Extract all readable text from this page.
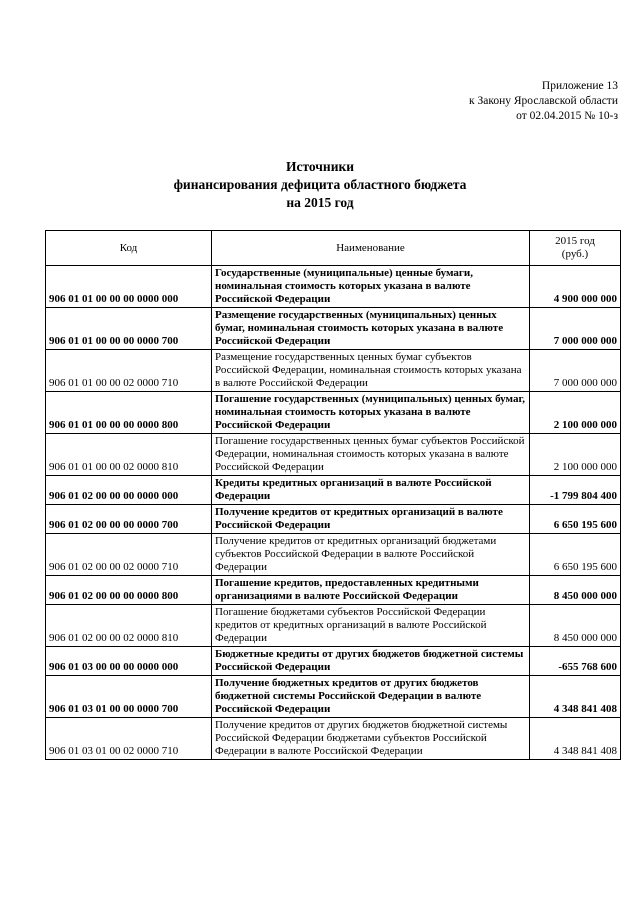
Приложение 13
к Закону Ярославской области
от 02.04.2015 № 10-з
Источники
финансирования дефицита областного бюджета
на 2015 год
Код	Наименование	2015 год
(руб.)

906 01 01 00 00 00 0000 000	Государственные (муниципальные) ценные бумаги, номинальная стоимость которых указана в валюте Российской Федерации	4 900 000 000
906 01 01 00 00 00 0000 700	Размещение государственных (муниципальных) ценных бумаг, номинальная стоимость которых указана в валюте Российской Федерации	7 000 000 000
906 01 01 00 00 02 0000 710	Размещение государственных ценных бумаг субъектов Российской Федерации, номинальная стоимость которых указана в валюте Российской Федерации	7 000 000 000
906 01 01 00 00 00 0000 800	Погашение государственных (муниципальных) ценных бумаг, номинальная стоимость которых указана в валюте Российской Федерации	2 100 000 000
906 01 01 00 00 02 0000 810	Погашение государственных ценных бумаг субъектов Российской Федерации, номинальная стоимость которых указана в валюте Российской Федерации	2 100 000 000
906 01 02 00 00 00 0000 000	Кредиты кредитных организаций в валюте Российской Федерации	-1 799 804 400
906 01 02 00 00 00 0000 700	Получение кредитов от кредитных организаций в валюте Российской Федерации	6 650 195 600
906 01 02 00 00 02 0000 710	Получение кредитов от кредитных организаций бюджетами субъектов Российской Федерации в валюте Российской Федерации	6 650 195 600
906 01 02 00 00 00 0000 800	Погашение кредитов, предоставленных кредитными организациями в валюте Российской Федерации	8 450 000 000
906 01 02 00 00 02 0000 810	Погашение бюджетами субъектов Российской Федерации кредитов от кредитных организаций в валюте Российской Федерации	8 450 000 000
906 01 03 00 00 00 0000 000	Бюджетные кредиты от других бюджетов бюджетной системы Российской Федерации	-655 768 600
906 01 03 01 00 00 0000 700	Получение бюджетных кредитов от других бюджетов бюджетной системы Российской Федерации в валюте Российской Федерации	4 348 841 408
906 01 03 01 00 02 0000 710	Получение кредитов от других бюджетов бюджетной системы Российской Федерации бюджетами субъектов Российской Федерации в валюте Российской Федерации	4 348 841 408
